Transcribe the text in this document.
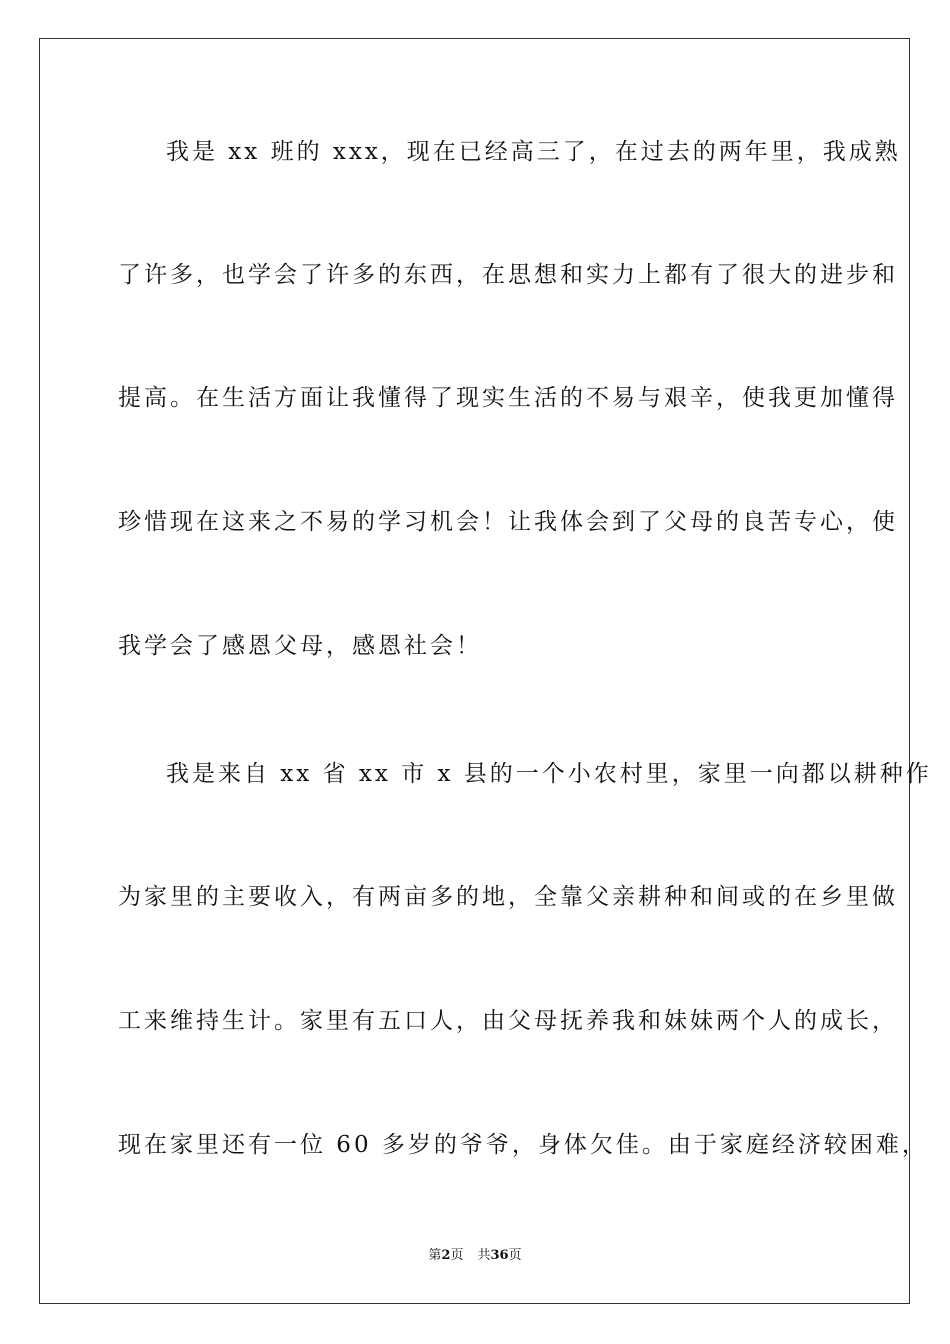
我是 xx 班的 xxx，现在已经高三了，在过去的两年里，我成熟
了许多，也学会了许多的东西，在思想和实力上都有了很大的进步和
提高。在生活方面让我懂得了现实生活的不易与艰辛，使我更加懂得
珍惜现在这来之不易的学习机会！让我体会到了父母的良苦专心，使
我学会了感恩父母，感恩社会！
我是来自 xx 省 xx 市 x 县的一个小农村里，家里一向都以耕种作
为家里的主要收入，有两亩多的地，全靠父亲耕种和间或的在乡里做
工来维持生计。家里有五口人，由父母抚养我和妹妹两个人的成长，
现在家里还有一位 60 多岁的爷爷，身体欠佳。由于家庭经济较困难，
第2页 共36页
